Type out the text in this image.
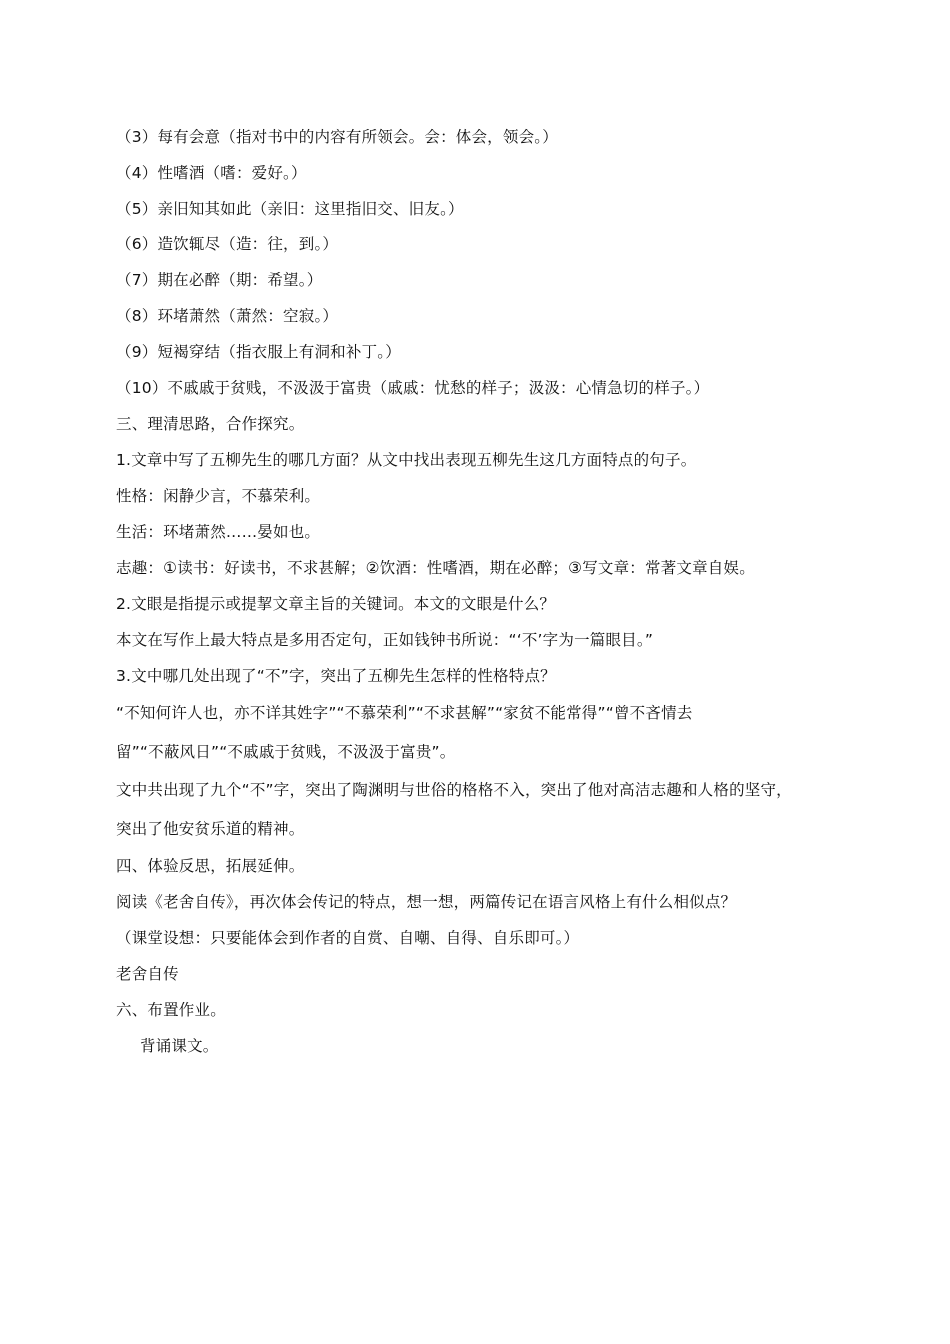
（3）每有会意（指对书中的内容有所领会。会：体会，领会。）
（4）性嗜酒（嗜：爱好。）
（5）亲旧知其如此（亲旧：这里指旧交、旧友。）
（6）造饮辄尽（造：往，到。）
（7）期在必醉（期：希望。）
（8）环堵萧然（萧然：空寂。）
（9）短褐穿结（指衣服上有洞和补丁。）
（10）不戚戚于贫贱，不汲汲于富贵（戚戚：忧愁的样子；汲汲：心情急切的样子。）
三、理清思路，合作探究。
1.文章中写了五柳先生的哪几方面？从文中找出表现五柳先生这几方面特点的句子。
性格：闲静少言，不慕荣利。
生活：环堵萧然……晏如也。
志趣：①读书：好读书，不求甚解；②饮酒：性嗜酒，期在必醉；③写文章：常著文章自娱。
2.文眼是指提示或提挈文章主旨的关键词。本文的文眼是什么？
本文在写作上最大特点是多用否定句，正如钱钟书所说：“‘不’字为一篇眼目。”
3.文中哪几处出现了“不”字，突出了五柳先生怎样的性格特点？
“不知何许人也，亦不详其姓字”“不慕荣利”“不求甚解”“家贫不能常得”“曾不吝情去
留”“不蔽风日”“不戚戚于贫贱，不汲汲于富贵”。
文中共出现了九个“不”字，突出了陶渊明与世俗的格格不入，突出了他对高洁志趣和人格的坚守，
突出了他安贫乐道的精神。
四、体验反思，拓展延伸。
阅读《老舍自传》，再次体会传记的特点，想一想，两篇传记在语言风格上有什么相似点？
（课堂设想：只要能体会到作者的自赏、自嘲、自得、自乐即可。）
老舍自传
六、布置作业。
背诵课文。
